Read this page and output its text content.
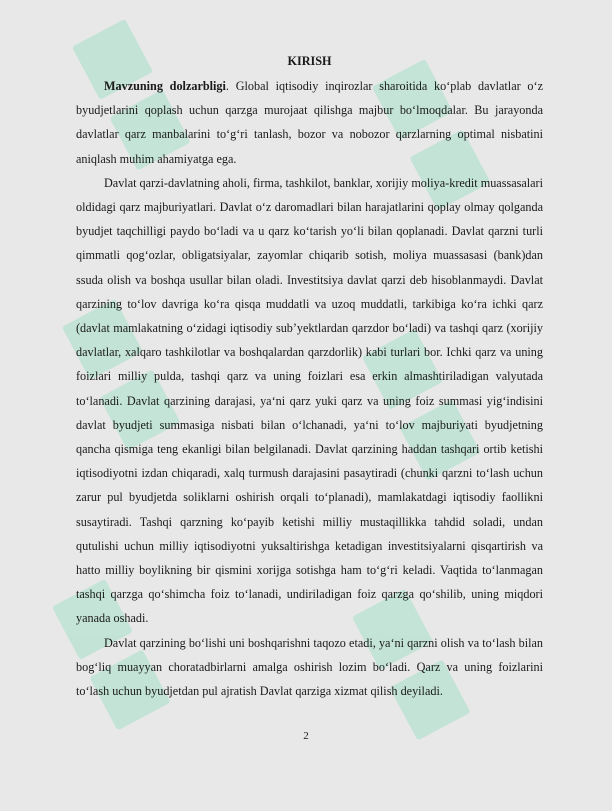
KIRISH

Mavzuning dolzarbligi. Global iqtisodiy inqirozlar sharoitida ko‘plab davlatlar o‘z byudjetlarini qoplash uchun qarzga murojaat qilishga majbur bo‘lmoqdalar. Bu jarayonda davlatlar qarz manbalarini to‘g‘ri tanlash, bozor va nobozor qarzlarning optimal nisbatini aniqlash muhim ahamiyatga ega.

Davlat qarzi-davlatning aholi, firma, tashkilot, banklar, xorijiy moliya-kredit muassasalari oldidagi qarz majburiyatlari. Davlat o‘z daromadlari bilan harajatlarini qoplay olmay qolganda byudjet taqchilligi paydo bo‘ladi va u qarz ko‘tarish yo‘li bilan qoplanadi. Davlat qarzni turli qimmatli qog‘ozlar, obligatsiyalar, zayomlar chiqarib sotish, moliya muassasasi (bank)dan ssuda olish va boshqa usullar bilan oladi. Investitsiya davlat qarzi deb hisoblanmaydi. Davlat qarzining to‘lov davriga ko‘ra qisqa muddatli va uzoq muddatli, tarkibiga ko‘ra ichki qarz (davlat mamlakatning o‘zidagi iqtisodiy sub’yektlardan qarzdor bo‘ladi) va tashqi qarz (xorijiy davlatlar, xalqaro tashkilotlar va boshqalardan qarzdorlik) kabi turlari bor. Ichki qarz va uning foizlari milliy pulda, tashqi qarz va uning foizlari esa erkin almashtiriladigan valyutada to‘lanadi. Davlat qarzining darajasi, ya‘ni qarz yuki qarz va uning foiz summasi yig‘indisini davlat byudjeti summasiga nisbati bilan o‘lchanadi, ya‘ni to‘lov majburiyati byudjetning qancha qismiga teng ekanligi bilan belgilanadi. Davlat qarzining haddan tashqari ortib ketishi iqtisodiyotni izdan chiqaradi, xalq turmush darajasini pasaytiradi (chunki qarzni to‘lash uchun zarur pul byudjetda soliklarni oshirish orqali to‘planadi), mamlakatdagi iqtisodiy faollikni susaytiradi. Tashqi qarzning ko‘payib ketishi milliy mustaqillikka tahdid soladi, undan qutulishi uchun milliy iqtisodiyotni yuksaltirishga ketadigan investitsiyalarni qisqartirish va hatto milliy boylikning bir qismini xorijga sotishga ham to‘g‘ri keladi. Vaqtida to‘lanmagan tashqi qarzga qo‘shimcha foiz to‘lanadi, undiriladigan foiz qarzga qo‘shilib, uning miqdori yanada oshadi.

Davlat qarzining bo‘lishi uni boshqarishni taqozo etadi, ya‘ni qarzni olish va to‘lash bilan bog‘liq muayyan choratadbirlarni amalga oshirish lozim bo‘ladi. Qarz va uning foizlarini to‘lash uchun byudjetdan pul ajratish Davlat qarziga xizmat qilish deyiladi.

2
